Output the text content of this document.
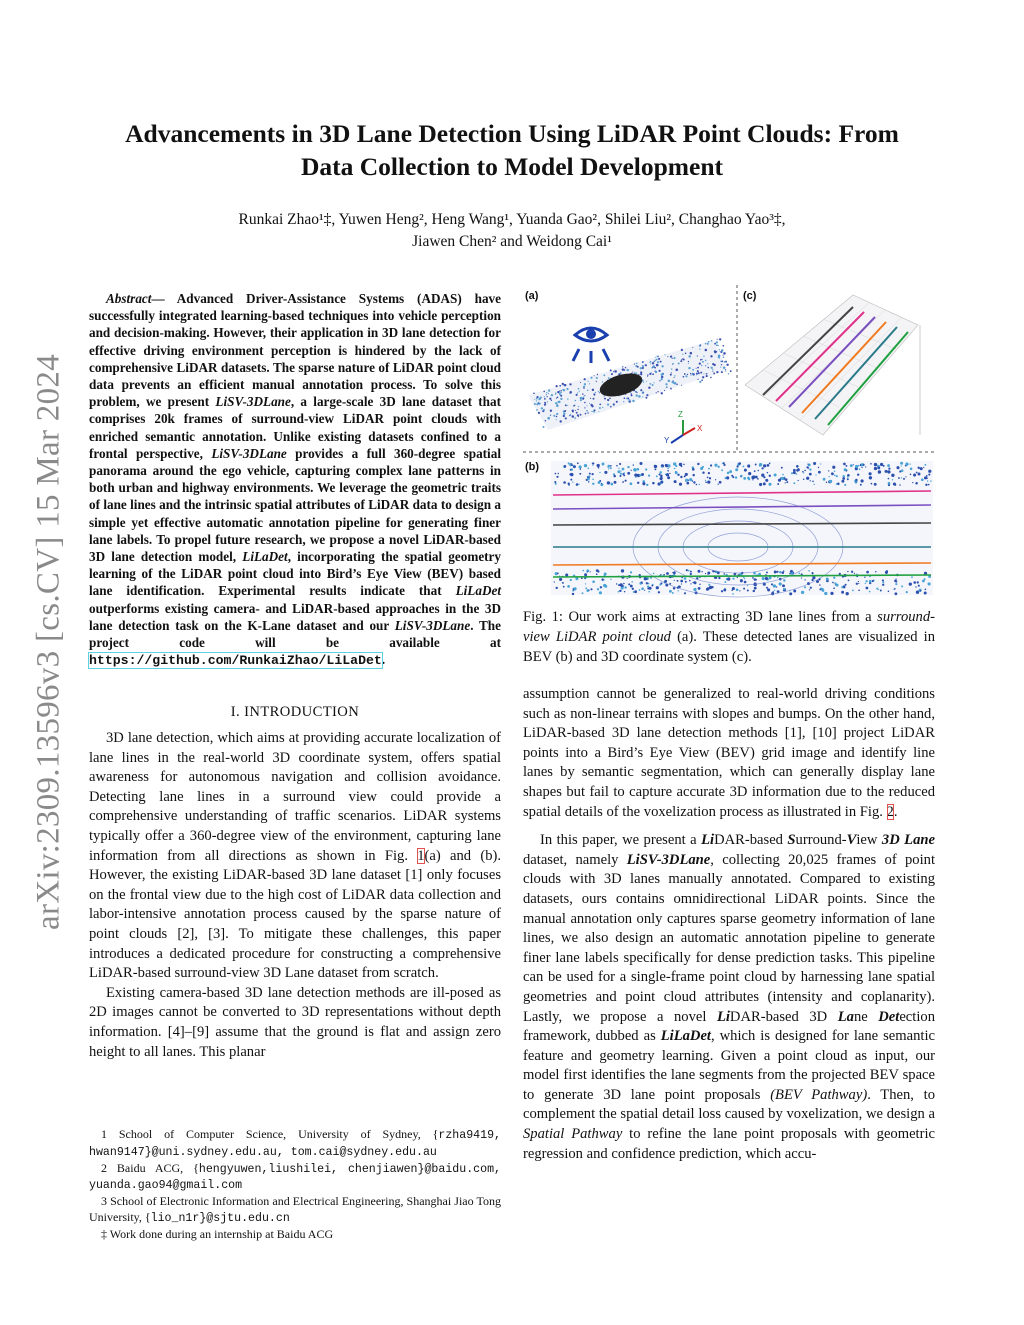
arXiv:2309.13596v3 [cs.CV] 15 Mar 2024
Advancements in 3D Lane Detection Using LiDAR Point Clouds: From
Data Collection to Model Development
Runkai Zhao¹‡, Yuwen Heng², Heng Wang¹, Yuanda Gao², Shilei Liu², Changhao Yao³‡,
Jiawen Chen² and Weidong Cai¹
Abstract— Advanced Driver-Assistance Systems (ADAS) have successfully integrated learning-based techniques into vehicle perception and decision-making. However, their application in 3D lane detection for effective driving environment perception is hindered by the lack of comprehensive LiDAR datasets. The sparse nature of LiDAR point cloud data prevents an efficient manual annotation process. To solve this problem, we present LiSV-3DLane, a large-scale 3D lane dataset that comprises 20k frames of surround-view LiDAR point clouds with enriched semantic annotation. Unlike existing datasets confined to a frontal perspective, LiSV-3DLane provides a full 360-degree spatial panorama around the ego vehicle, capturing complex lane patterns in both urban and highway environments. We leverage the geometric traits of lane lines and the intrinsic spatial attributes of LiDAR data to design a simple yet effective automatic annotation pipeline for generating finer lane labels. To propel future research, we propose a novel LiDAR-based 3D lane detection model, LiLaDet, incorporating the spatial geometry learning of the LiDAR point cloud into Bird’s Eye View (BEV) based lane identification. Experimental results indicate that LiLaDet outperforms existing camera- and LiDAR-based approaches in the 3D lane detection task on the K-Lane dataset and our LiSV-3DLane. The project code will be available at https://github.com/RunkaiZhao/LiLaDet.
I. INTRODUCTION

3D lane detection, which aims at providing accurate localization of lane lines in the real-world 3D coordinate system, offers spatial awareness for autonomous navigation and collision avoidance. Detecting lane lines in a surround view could provide a comprehensive understanding of traffic scenarios. LiDAR systems typically offer a 360-degree view of the environment, capturing lane information from all directions as shown in Fig. 1(a) and (b). However, the existing LiDAR-based 3D lane dataset [1] only focuses on the frontal view due to the high cost of LiDAR data collection and labor-intensive annotation process caused by the sparse nature of point clouds [2], [3]. To mitigate these challenges, this paper introduces a dedicated procedure for constructing a comprehensive LiDAR-based surround-view 3D Lane dataset from scratch.

Existing camera-based 3D lane detection methods are ill-posed as 2D images cannot be converted to 3D representations without depth information. [4]–[9] assume that the ground is flat and assign zero height to all lanes. This planar

1 School of Computer Science, University of Sydney, {rzha9419, hwan9147}@uni.sydney.edu.au, tom.cai@sydney.edu.au
2 Baidu ACG, {hengyuwen,liushilei, chenjiawen}@baidu.com, yuanda.gao94@gmail.com
3 School of Electronic Information and Electrical Engineering, Shanghai Jiao Tong University, {lio_n1r}@sjtu.edu.cn
‡ Work done during an internship at Baidu ACG
(a)
Z
Y
X
(c)
(b)
Fig. 1: Our work aims at extracting 3D lane lines from a surround-view LiDAR point cloud (a). These detected lanes are visualized in BEV (b) and 3D coordinate system (c).

assumption cannot be generalized to real-world driving conditions such as non-linear terrains with slopes and bumps. On the other hand, LiDAR-based 3D lane detection methods [1], [10] project LiDAR points into a Bird’s Eye View (BEV) grid image and identify line lanes by semantic segmentation, which can generally display lane shapes but fail to capture accurate 3D information due to the reduced spatial details of the voxelization process as illustrated in Fig. 2.

In this paper, we present a LiDAR-based Surround-View 3D Lane dataset, namely LiSV-3DLane, collecting 20,025 frames of point clouds with 3D lanes manually annotated. Compared to existing datasets, ours contains omnidirectional LiDAR points. Since the manual annotation only captures sparse geometry information of lane lines, we also design an automatic annotation pipeline to generate finer lane labels specifically for dense prediction tasks. This pipeline can be used for a single-frame point cloud by harnessing lane spatial geometries and point cloud attributes (intensity and coplanarity). Lastly, we propose a novel LiDAR-based 3D Lane Detection framework, dubbed as LiLaDet, which is designed for lane semantic feature and geometry learning. Given a point cloud as input, our model first identifies the lane segments from the projected BEV space to generate 3D lane point proposals (BEV Pathway). Then, to complement the spatial detail loss caused by voxelization, we design a Spatial Pathway to refine the lane point proposals with geometric regression and confidence prediction, which accu-
